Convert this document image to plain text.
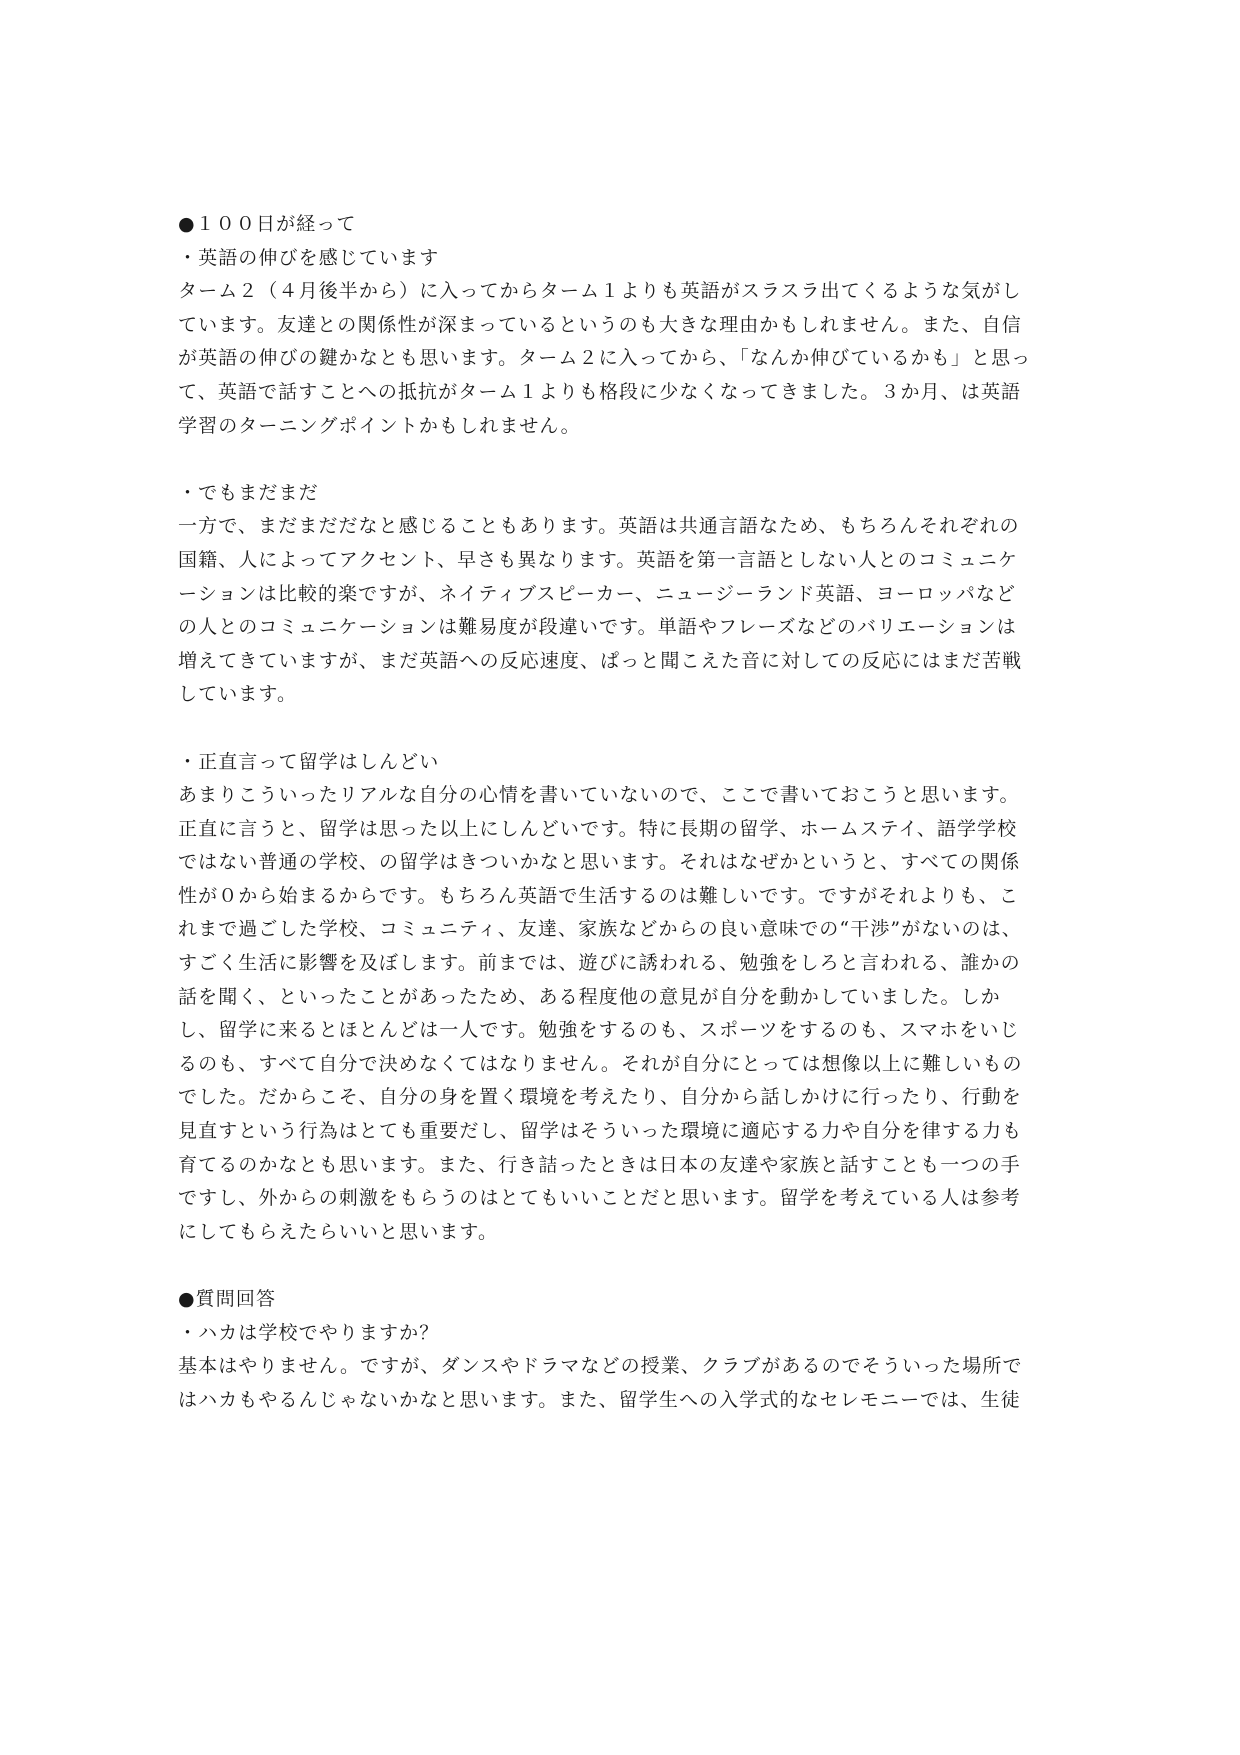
●１００日が経って
・英語の伸びを感じています
ターム２（４月後半から）に入ってからターム１よりも英語がスラスラ出てくるような気がし
ています。友達との関係性が深まっているというのも大きな理由かもしれません。また、自信
が英語の伸びの鍵かなとも思います。ターム２に入ってから、「なんか伸びているかも」と思っ
て、英語で話すことへの抵抗がターム１よりも格段に少なくなってきました。３か月、は英語
学習のターニングポイントかもしれません。
・でもまだまだ
一方で、まだまだだなと感じることもあります。英語は共通言語なため、もちろんそれぞれの
国籍、人によってアクセント、早さも異なります。英語を第一言語としない人とのコミュニケ
ーションは比較的楽ですが、ネイティブスピーカー、ニュージーランド英語、ヨーロッパなど
の人とのコミュニケーションは難易度が段違いです。単語やフレーズなどのバリエーションは
増えてきていますが、まだ英語への反応速度、ぱっと聞こえた音に対しての反応にはまだ苦戦
しています。
・正直言って留学はしんどい
あまりこういったリアルな自分の心情を書いていないので、ここで書いておこうと思います。
正直に言うと、留学は思った以上にしんどいです。特に長期の留学、ホームステイ、語学学校
ではない普通の学校、の留学はきついかなと思います。それはなぜかというと、すべての関係
性が０から始まるからです。もちろん英語で生活するのは難しいです。ですがそれよりも、こ
れまで過ごした学校、コミュニティ、友達、家族などからの良い意味での“干渉”がないのは、
すごく生活に影響を及ぼします。前までは、遊びに誘われる、勉強をしろと言われる、誰かの
話を聞く、といったことがあったため、ある程度他の意見が自分を動かしていました。しか
し、留学に来るとほとんどは一人です。勉強をするのも、スポーツをするのも、スマホをいじ
るのも、すべて自分で決めなくてはなりません。それが自分にとっては想像以上に難しいもの
でした。だからこそ、自分の身を置く環境を考えたり、自分から話しかけに行ったり、行動を
見直すという行為はとても重要だし、留学はそういった環境に適応する力や自分を律する力も
育てるのかなとも思います。また、行き詰ったときは日本の友達や家族と話すことも一つの手
ですし、外からの刺激をもらうのはとてもいいことだと思います。留学を考えている人は参考
にしてもらえたらいいと思います。
●質問回答
・ハカは学校でやりますか？
基本はやりません。ですが、ダンスやドラマなどの授業、クラブがあるのでそういった場所で
はハカもやるんじゃないかなと思います。また、留学生への入学式的なセレモニーでは、生徒
